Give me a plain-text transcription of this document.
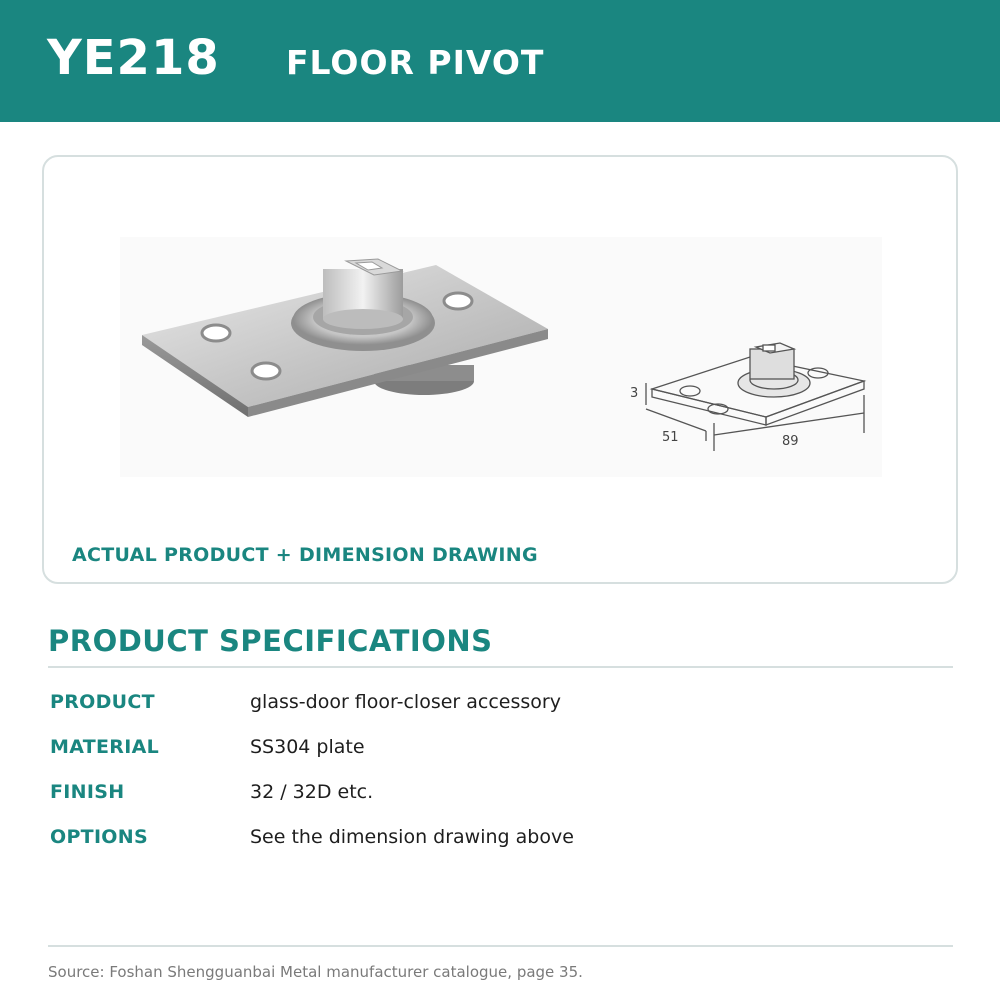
YE218 FLOOR PIVOT
3
51	89
ACTUAL PRODUCT + DIMENSION DRAWING
PRODUCT SPECIFICATIONS
PRODUCT	glass-door floor-closer accessory
MATERIAL	SS304 plate
FINISH	32 / 32D etc.
OPTIONS	See the dimension drawing above
Source: Foshan Shengguanbai Metal manufacturer catalogue, page 35.
